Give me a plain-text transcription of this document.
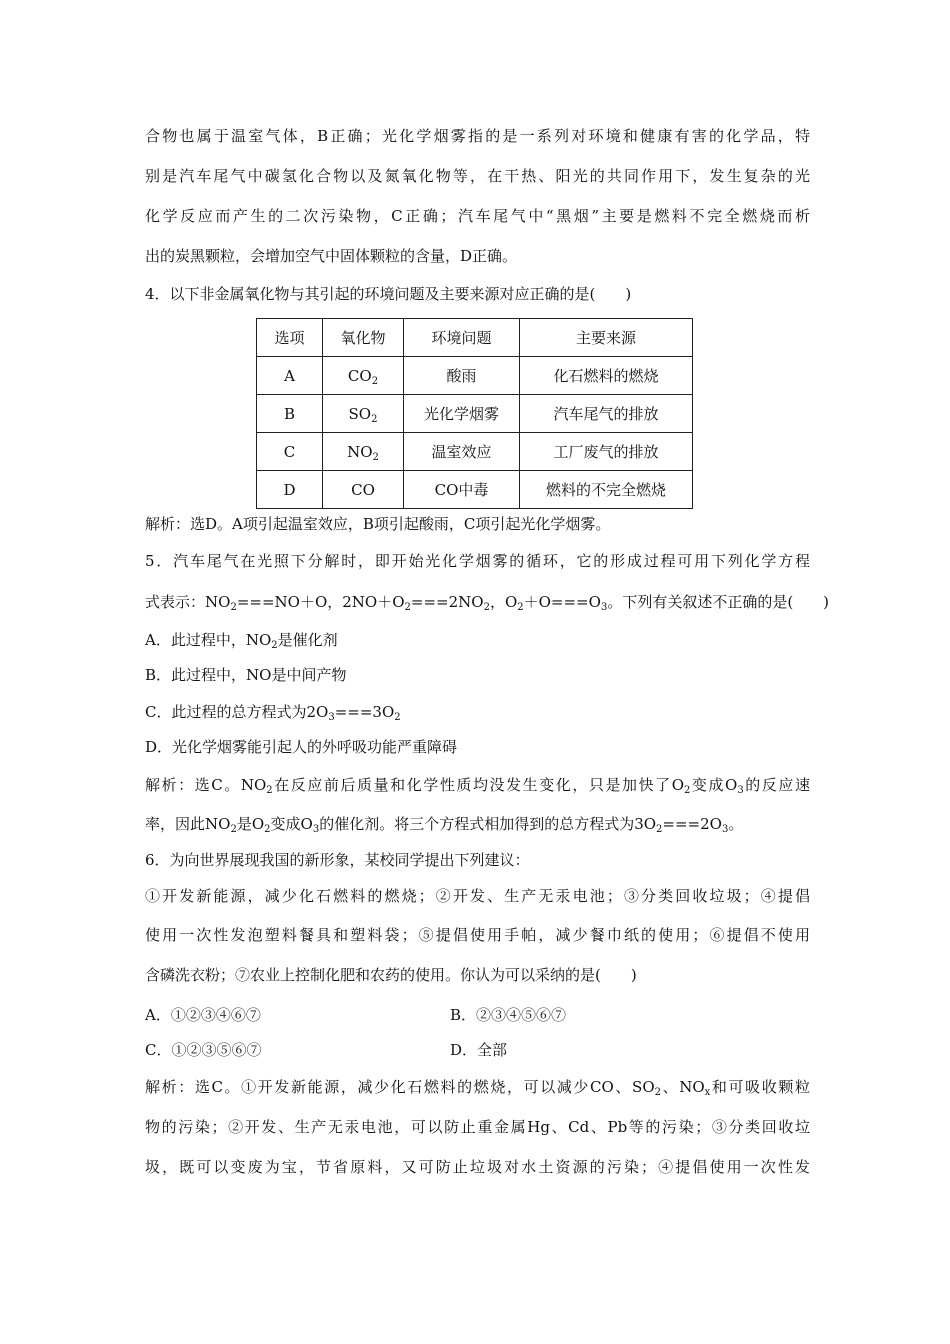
合物也属于温室气体，B正确；光化学烟雾指的是一系列对环境和健康有害的化学品，特
别是汽车尾气中碳氢化合物以及氮氧化物等，在干热、阳光的共同作用下，发生复杂的光
化学反应而产生的二次污染物，C正确；汽车尾气中“黑烟”主要是燃料不完全燃烧而析
出的炭黑颗粒，会增加空气中固体颗粒的含量，D正确。
4．以下非金属氧化物与其引起的环境问题及主要来源对应正确的是(　　)
选项	氧化物	环境问题	主要来源
A	$CO_2$	酸雨	化石燃料的燃烧
B	$SO_2$	光化学烟雾	汽车尾气的排放
C	$NO_2$	温室效应	工厂废气的排放
D	CO	CO中毒	燃料的不完全燃烧
解析：选D。A项引起温室效应，B项引起酸雨，C项引起光化学烟雾。
5．汽车尾气在光照下分解时，即开始光化学烟雾的循环，它的形成过程可用下列化学方程
式表示：$NO_2===NO+O$，$2NO+O_2===2NO_2$，$O_2+O===O_3$。下列有关叙述不正确的是(　　)
A．此过程中，$NO_2$是催化剂
B．此过程中，NO是中间产物
C．此过程的总方程式为$2O_3===3O_2$
D．光化学烟雾能引起人的外呼吸功能严重障碍
解析：选C。$NO_2$在反应前后质量和化学性质均没发生变化，只是加快了$O_2$变成$O_3$的反应速
率，因此$NO_2$是$O_2$变成$O_3$的催化剂。将三个方程式相加得到的总方程式为$3O_2===2O_3$。
6．为向世界展现我国的新形象，某校同学提出下列建议：
①开发新能源，减少化石燃料的燃烧；②开发、生产无汞电池；③分类回收垃圾；④提倡
使用一次性发泡塑料餐具和塑料袋；⑤提倡使用手帕，减少餐巾纸的使用；⑥提倡不使用
含磷洗衣粉；⑦农业上控制化肥和农药的使用。你认为可以采纳的是(　　)
A．①②③④⑥⑦	B．②③④⑤⑥⑦
C．①②③⑤⑥⑦	D．全部
解析：选C。①开发新能源，减少化石燃料的燃烧，可以减少CO、$SO_2$、$NO_x$和可吸收颗粒
物的污染；②开发、生产无汞电池，可以防止重金属Hg、Cd、Pb等的污染；③分类回收垃
圾，既可以变废为宝，节省原料，又可防止垃圾对水土资源的污染；④提倡使用一次性发
